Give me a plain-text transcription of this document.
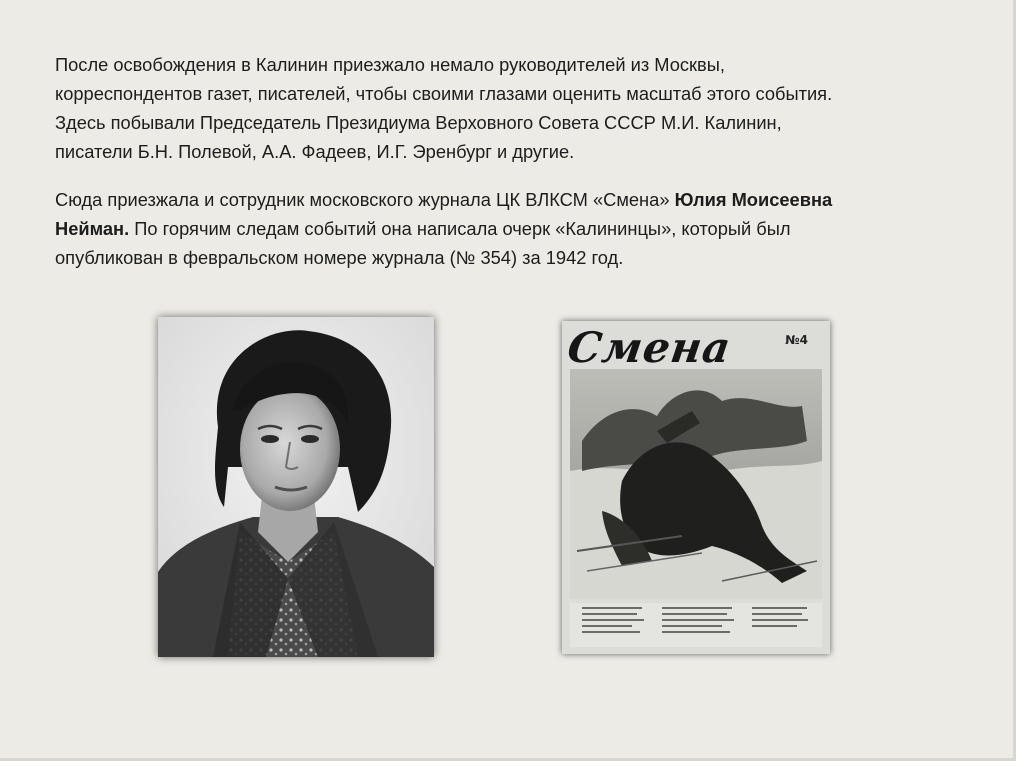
После освобождения в Калинин приезжало немало руководителей из Москвы,
корреспондентов газет, писателей, чтобы своими глазами оценить масштаб этого события.
Здесь побывали Председатель Президиума Верховного Совета СССР М.И. Калинин,
писатели Б.Н. Полевой, А.А. Фадеев, И.Г. Эренбург и другие.

Сюда приезжала и сотрудник московского журнала ЦК ВЛКСМ «Смена» Юлия Моисеевна
Нейман. По горячим следам событий она написала очерк «Калининцы», который был
опубликован в февральском номере журнала (№ 354) за 1942 год.

Смена	№4
